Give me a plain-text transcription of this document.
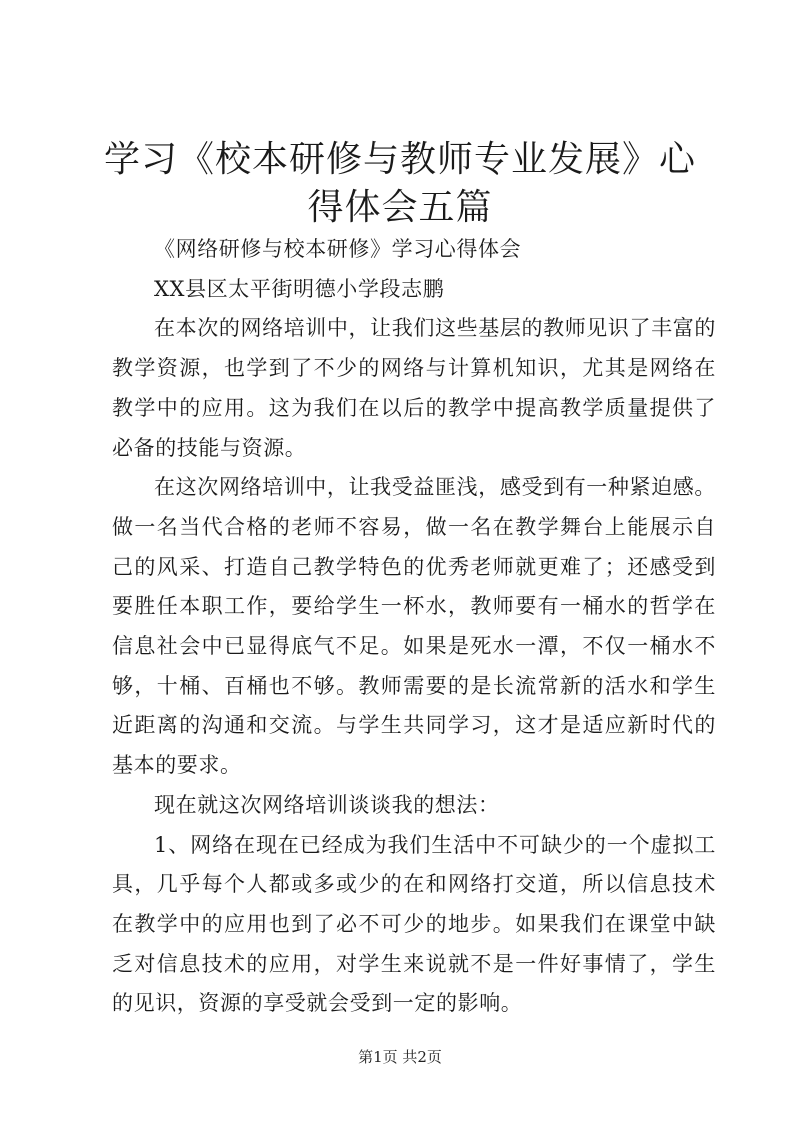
学习《校本研修与教师专业发展》心得体会五篇

《网络研修与校本研修》学习心得体会

XX县区太平街明德小学段志鹏

在本次的网络培训中，让我们这些基层的教师见识了丰富的教学资源，也学到了不少的网络与计算机知识，尤其是网络在教学中的应用。这为我们在以后的教学中提高教学质量提供了必备的技能与资源。

在这次网络培训中，让我受益匪浅，感受到有一种紧迫感。做一名当代合格的老师不容易，做一名在教学舞台上能展示自己的风采、打造自己教学特色的优秀老师就更难了；还感受到要胜任本职工作，要给学生一杯水，教师要有一桶水的哲学在信息社会中已显得底气不足。如果是死水一潭，不仅一桶水不够，十桶、百桶也不够。教师需要的是长流常新的活水和学生近距离的沟通和交流。与学生共同学习，这才是适应新时代的基本的要求。

现在就这次网络培训谈谈我的想法：

1、网络在现在已经成为我们生活中不可缺少的一个虚拟工具，几乎每个人都或多或少的在和网络打交道，所以信息技术在教学中的应用也到了必不可少的地步。如果我们在课堂中缺乏对信息技术的应用，对学生来说就不是一件好事情了，学生的见识，资源的享受就会受到一定的影响。

第1页 共2页
